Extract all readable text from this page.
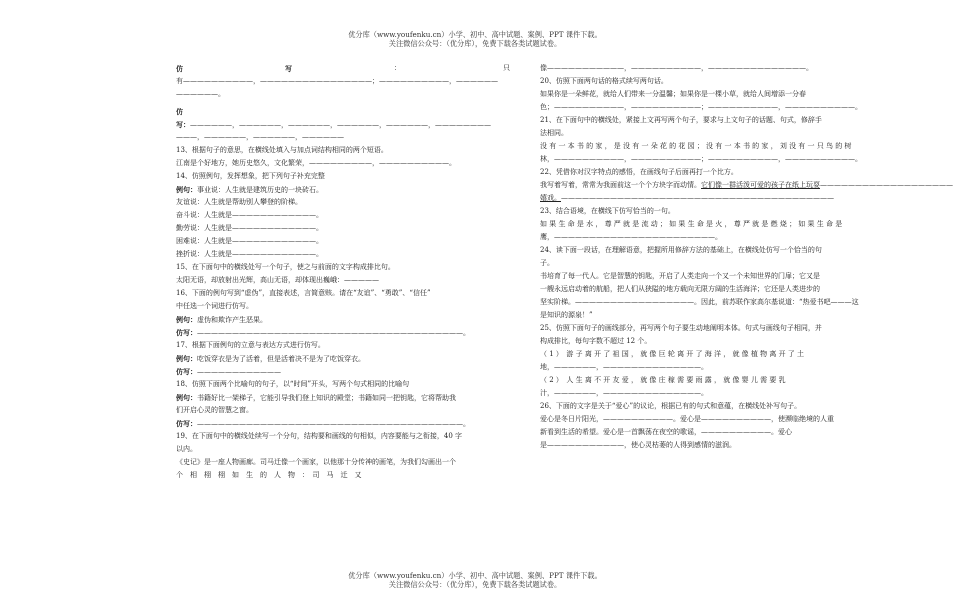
优分库（www.youfenku.cn）小学、初中、高中试题、案例、PPT 课件下载。
关注微信公众号：（优分库），免费下载各类试题试卷。
仿	写	：	只
有——————————，————————————————；——————————，——————
——————。
仿
写：——————，——————，——————，——————，——————，————————
———，——————，——————，——————
13、根据句子的意思，在横线处填入与加点词结构相同的两个短语。
江南是个好地方，她历史悠久，文化繁荣，—————————，——————————。
14、仿照例句，发挥想象，把下列句子补充完整
例句：事业说：人生就是建筑历史的一块砖石。
友谊说：人生就是帮助别人攀登的阶梯。
奋斗说：人生就是————————————。
勤劳说：人生就是————————————。
困难说：人生就是————————————。
挫折说：人生就是————————————。
15、在下面句中的横线处写一个句子，使之与前面的文字构成排比句。
太阳无语，却放射出光辉，高山无语，却体现出巍峨：—————
16、下面的例句写到“虚伪”，直接表述，言简意赅。请在“友谊”、“勇敢”、“信任”
中任选一个词进行仿写。
例句：虚伪和欺诈产生恶果。
仿写：——————————————————————————————————————。
17、根据下面例句的立意与表达方式进行仿写。
例句：吃饭穿衣是为了活着，但是活着决不是为了吃饭穿衣。
仿写：————————————
18、仿照下面两个比喻句的句子，以“时间”开头，写两个句式相同的比喻句
例句：书籍好比一架梯子，它能引导我们登上知识的殿堂；书籍如同一把钥匙，它将帮助我
们开启心灵的智慧之窗。
仿写：——————————————————————————————————————。
19、在下面句中的横线处续写一个分句，结构要和画线的句相似，内容要能与之衔接，40 字
以内。
《史记》是一座人物画廊。司马迁像一个画家，以他那十分传神的画笔，为我们勾画出一个
个　相　栩　栩　如　生　的　人　物　：　司　马　迁　又
像———————————，——————————，——————————————。
20、仿照下面两句话的格式续写两句话。
如果你是一朵鲜花，就给人们带来一分温馨；如果你是一棵小草，就给人间增添一分春
色；——————————，——————————；——————————，——————————。
21、在下面句中的横线处，紧接上文再写两个句子，要求与上文句子的话题、句式，修辞手
法相同。
没 有 一 本 书 的 家 ， 是 没 有 一 朵 花 的 花 园 ； 没 有 一 本 书 的 家 ， 刘 没 有 一 只 鸟 的 树
林，——————————，——————————；——————————，——————————。
22、凭借你对汉字特点的感悟，在画线句子后面再打一个比方。
我写着写着，常常为我面前这一个个方块字而动情。它们像一群活泼可爱的孩子在纸上玩耍———————————————————
嬉戏。———————————————————————————————————————
23、结合语境，在横线下仿写恰当的一句。
如 果 生 命 是 水 ， 尊 严 就 是 流 动 ； 如 果 生 命 是 火 ， 尊 严 就 是 燃 烧 ； 如 果 生 命 是
鹰，———————————————————————。
24、读下面一段话，在理解语意，把握所用修辞方法的基础上，在横线处仿写一个恰当的句
子。
书培育了每一代人。它是智慧的钥匙，开启了人类走向一个又一个未知世界的门扉；它又是
一艘永远启动着的航船，把人们从狭隘的地方载向无限方阔的生活海洋；它还是人类进步的
坚实阶梯。—————————————————。因此，前苏联作家高尔基说道：“热爱书吧———这
是知识的源泉！”
25、仿照下面句子的画线部分，再写两个句子要生动地阐明本体。句式与画线句子相同，并
构成排比，每句字数不超过 12 个。
（ 1 ）　游 子 离 开 了 祖 国 ， 就 像 巨 轮 离 开 了 海 洋 ， 就 像 植 物 离 开 了 土
地，——————，——————————————。
（ 2 ）　人 生 离 不 开 友 爱 ， 就 像 庄 稼 需 要 雨 露 ， 就 像 婴 儿 需 要 乳
汁，——————，——————————————。
26、下面的文字是关于“爱心”的议论，根据已有的句式和意蕴，在横线处补写句子。
爱心是冬日片阳光，——————————。爱心是——————————，使濒临绝境的人重
新看到生活的希望。爱心是一首飘荡在夜空的歌谣，——————————。爱心
是———————————，使心灵枯萎的人得到感情的滋润。
优分库（www.youfenku.cn）小学、初中、高中试题、案例、PPT 课件下载。
关注微信公众号：（优分库），免费下载各类试题试卷。
